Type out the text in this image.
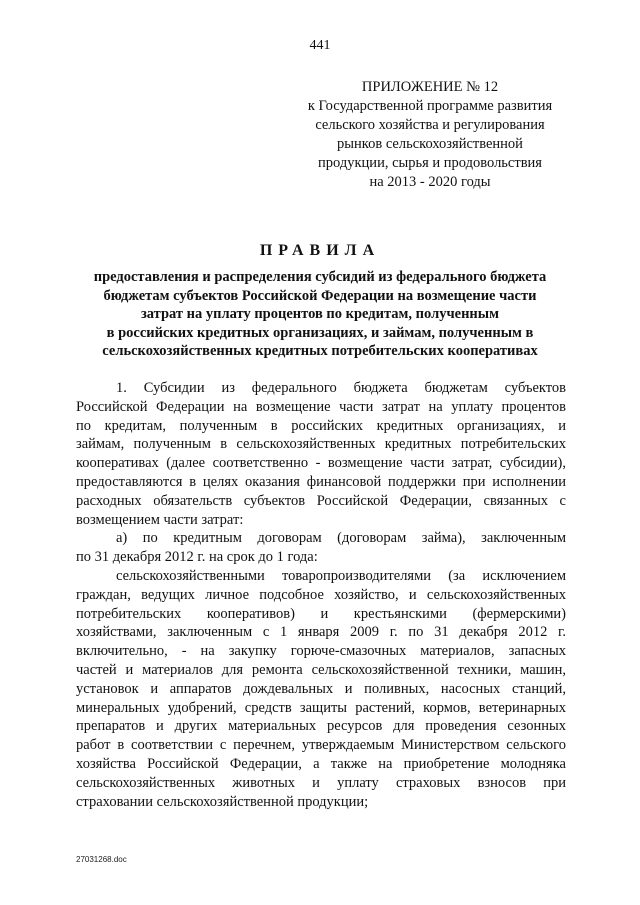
441
ПРИЛОЖЕНИЕ № 12
к Государственной программе развития
сельского хозяйства и регулирования
рынков сельскохозяйственной
продукции, сырья и продовольствия
на 2013 - 2020 годы
ПРАВИЛА
предоставления и распределения субсидий из федерального бюджета
бюджетам субъектов Российской Федерации на возмещение части
затрат на уплату процентов по кредитам, полученным
в российских кредитных организациях, и займам, полученным в
сельскохозяйственных кредитных потребительских кооперативах

1. Субсидии из федерального бюджета бюджетам субъектов

Российской Федерации на возмещение части затрат на уплату процентов

по кредитам, полученным в российских кредитных организациях, и

займам, полученным в сельскохозяйственных кредитных потребительских

кооперативах (далее соответственно - возмещение части затрат, субсидии),

предоставляются в целях оказания финансовой поддержки при исполнении

расходных обязательств субъектов Российской Федерации, связанных с

возмещением части затрат:

а) по кредитным договорам (договорам займа), заключенным

по 31 декабря 2012 г. на срок до 1 года:

сельскохозяйственными товаропроизводителями (за исключением

граждан, ведущих личное подсобное хозяйство, и сельскохозяйственных

потребительских кооперативов) и крестьянскими (фермерскими)

хозяйствами, заключенным с 1 января 2009 г. по 31 декабря 2012 г.

включительно, - на закупку горюче-смазочных материалов, запасных

частей и материалов для ремонта сельскохозяйственной техники, машин,

установок и аппаратов дождевальных и поливных, насосных станций,

минеральных удобрений, средств защиты растений, кормов, ветеринарных

препаратов и других материальных ресурсов для проведения сезонных

работ в соответствии с перечнем, утверждаемым Министерством сельского

хозяйства Российской Федерации, а также на приобретение молодняка

сельскохозяйственных животных и уплату страховых взносов при

страховании сельскохозяйственной продукции;

27031268.doc
